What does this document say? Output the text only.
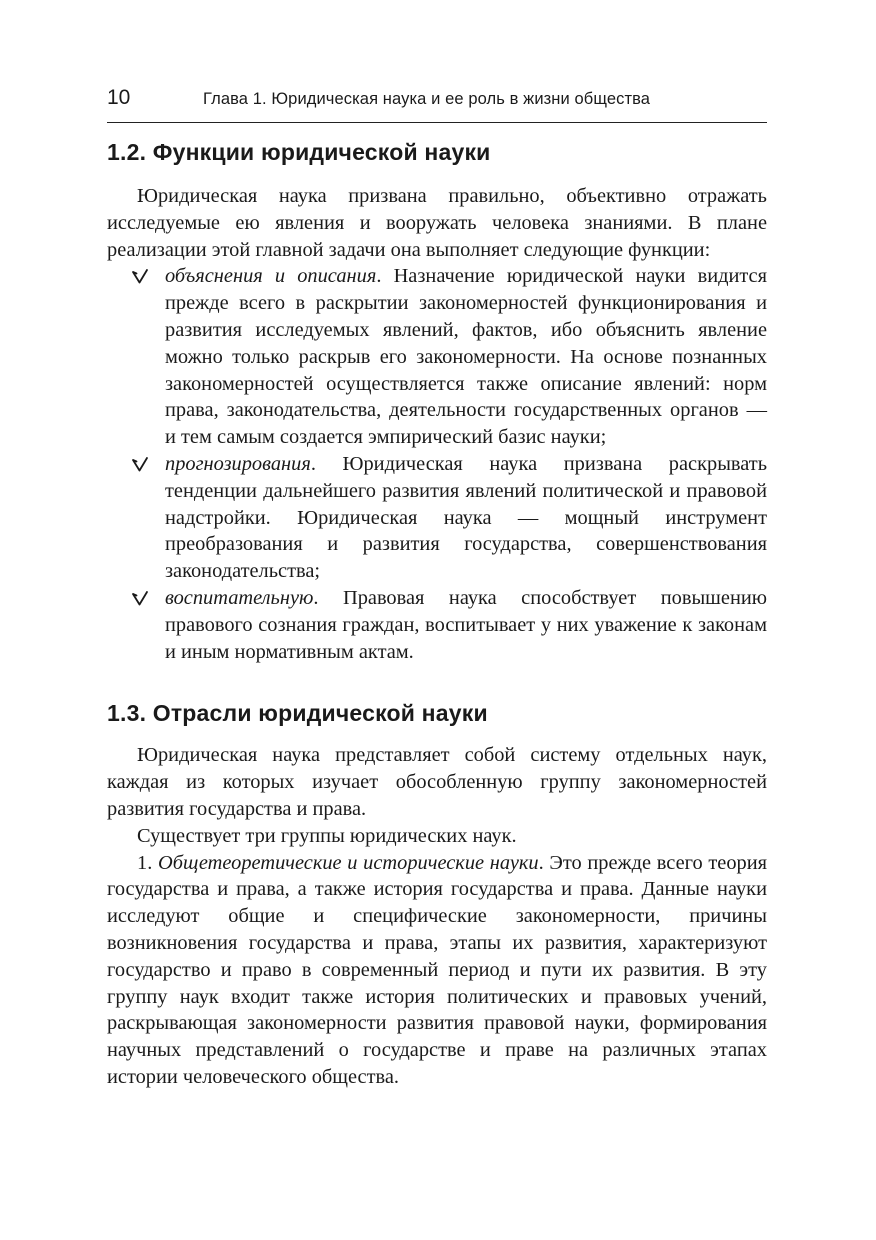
10	Глава 1. Юридическая наука и ее роль в жизни общества
1.2. Функции юридической науки

Юридическая наука призвана правильно, объективно отражать исследуемые ею явления и вооружать человека знаниями. В плане реализации этой главной задачи она выполняет следующие функции:

объяснения и описания. Назначение юридической науки видится прежде всего в раскрытии закономерностей функционирования и развития исследуемых явлений, фактов, ибо объяснить явление можно только раскрыв его закономерности. На основе познанных закономерностей осуществляется также описание явлений: норм права, законодательства, деятельности государственных органов — и тем самым создается эмпирический базис науки;
прогнозирования. Юридическая наука призвана раскрывать тенденции дальнейшего развития явлений политической и правовой надстройки. Юридическая наука — мощный инструмент преобразования и развития государства, совершенствования законодательства;
воспитательную. Правовая наука способствует повышению правового сознания граждан, воспитывает у них уважение к законам и иным нормативным актам.
1.3. Отрасли юридической науки

Юридическая наука представляет собой систему отдельных наук, каждая из которых изучает обособленную группу закономерностей развития государства и права.

Существует три группы юридических наук.

1. Общетеоретические и исторические науки. Это прежде всего теория государства и права, а также история государства и права. Данные науки исследуют общие и специфические закономерности, причины возникновения государства и права, этапы их развития, характеризуют государство и право в современный период и пути их развития. В эту группу наук входит также история политических и правовых учений, раскрывающая закономерности развития правовой науки, формирования научных представлений о государстве и праве на различных этапах истории человеческого общества.
